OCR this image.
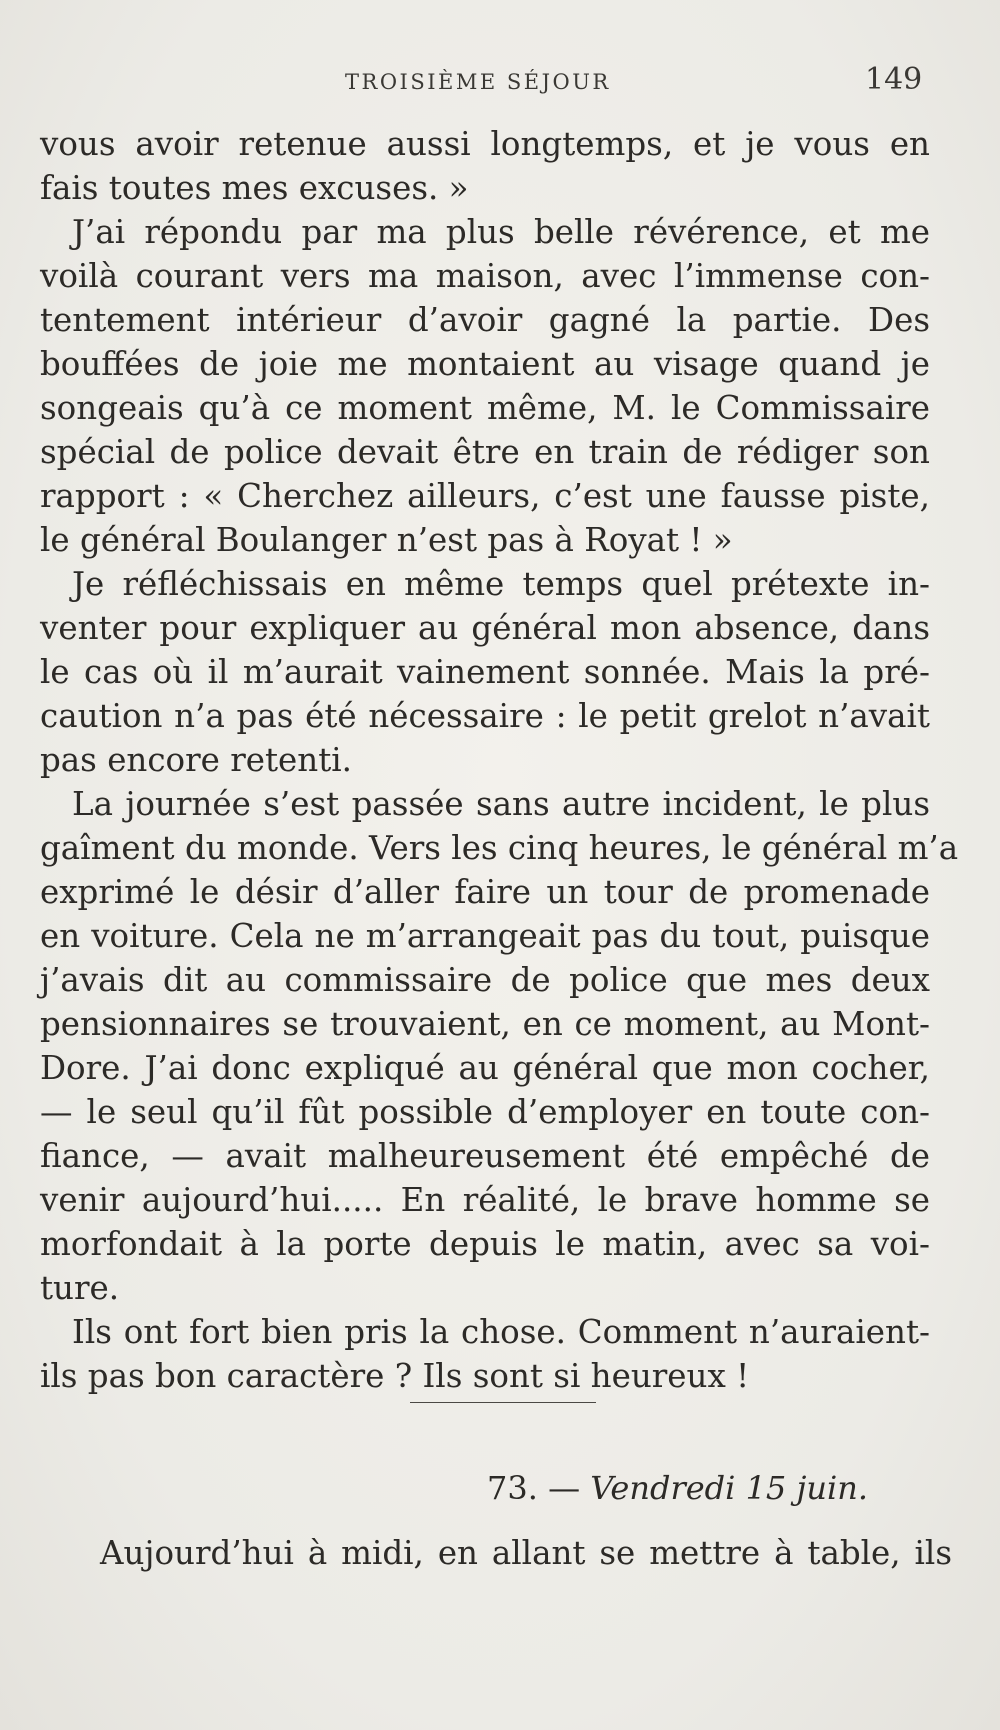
TROISIÈME SÉJOUR	149
vous avoir retenue aussi longtemps, et je vous en
fais toutes mes excuses. »
J’ai répondu par ma plus belle révérence, et me
voilà courant vers ma maison, avec l’immense con-
tentement intérieur d’avoir gagné la partie. Des
bouffées de joie me montaient au visage quand je
songeais qu’à ce moment même, M. le Commissaire
spécial de police devait être en train de rédiger son
rapport : « Cherchez ailleurs, c’est une fausse piste,
le général Boulanger n’est pas à Royat ! »
Je réfléchissais en même temps quel prétexte in-
venter pour expliquer au général mon absence, dans
le cas où il m’aurait vainement sonnée. Mais la pré-
caution n’a pas été nécessaire : le petit grelot n’avait
pas encore retenti.
La journée s’est passée sans autre incident, le plus
gaîment du monde. Vers les cinq heures, le général m’a
exprimé le désir d’aller faire un tour de promenade
en voiture. Cela ne m’arrangeait pas du tout, puisque
j’avais dit au commissaire de police que mes deux
pensionnaires se trouvaient, en ce moment, au Mont-
Dore. J’ai donc expliqué au général que mon cocher,
— le seul qu’il fût possible d’employer en toute con-
fiance, — avait malheureusement été empêché de
venir aujourd’hui..... En réalité, le brave homme se
morfondait à la porte depuis le matin, avec sa voi-
ture.
Ils ont fort bien pris la chose. Comment n’auraient-
ils pas bon caractère ? Ils sont si heureux !
73. — Vendredi 15 juin.
Aujourd’hui à midi, en allant se mettre à table, ils
